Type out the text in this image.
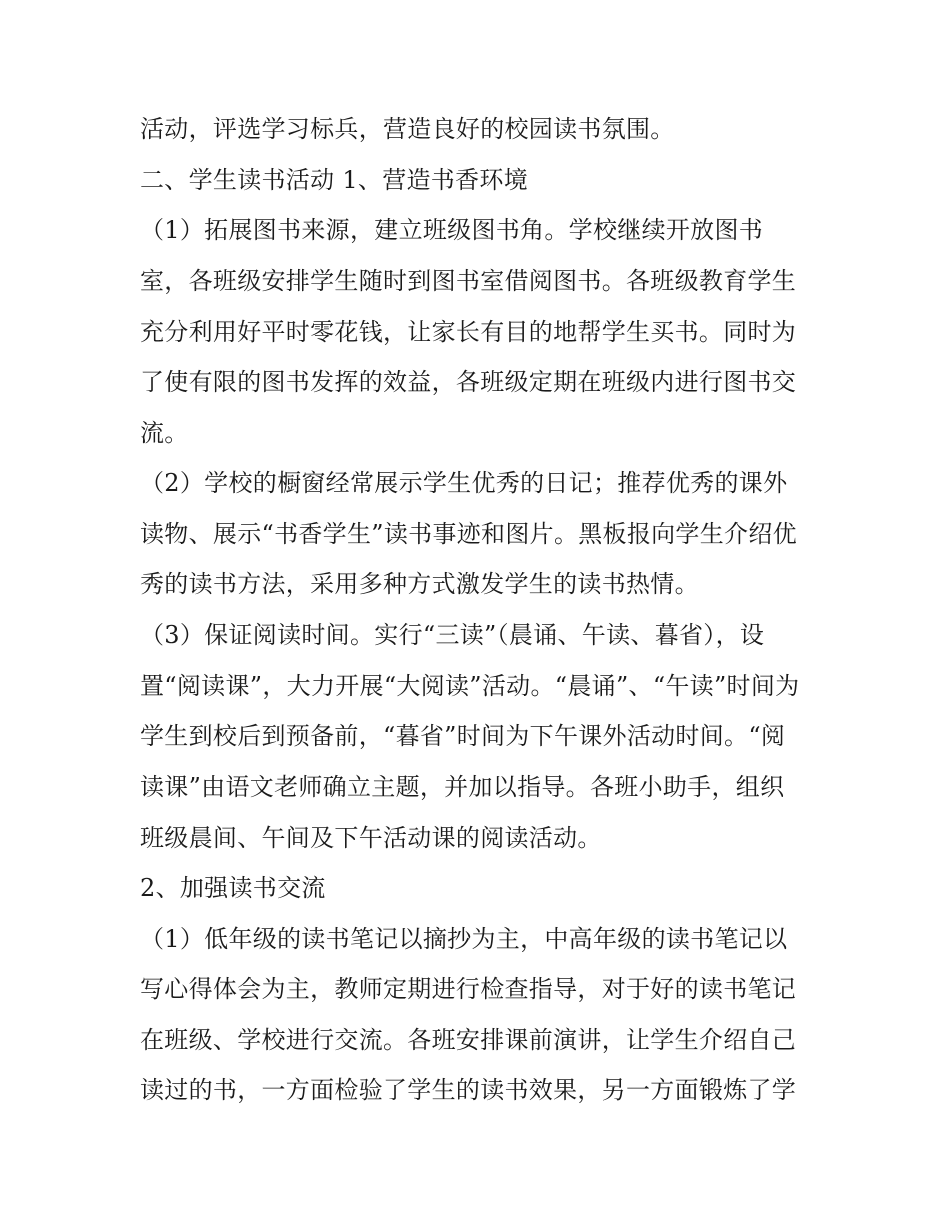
活动，评选学习标兵，营造良好的校园读书氛围。
二、学生读书活动 1、营造书香环境
（1）拓展图书来源，建立班级图书角。学校继续开放图书
室，各班级安排学生随时到图书室借阅图书。各班级教育学生
充分利用好平时零花钱，让家长有目的地帮学生买书。同时为
了使有限的图书发挥的效益，各班级定期在班级内进行图书交
流。
（2）学校的橱窗经常展示学生优秀的日记；推荐优秀的课外
读物、展示“书香学生”读书事迹和图片。黑板报向学生介绍优
秀的读书方法，采用多种方式激发学生的读书热情。
（3）保证阅读时间。实行“三读”（晨诵、午读、暮省），设
置“阅读课”，大力开展“大阅读”活动。“晨诵”、“午读”时间为
学生到校后到预备前，“暮省”时间为下午课外活动时间。“阅
读课”由语文老师确立主题，并加以指导。各班小助手，组织
班级晨间、午间及下午活动课的阅读活动。
2、加强读书交流
（1）低年级的读书笔记以摘抄为主，中高年级的读书笔记以
写心得体会为主，教师定期进行检查指导，对于好的读书笔记
在班级、学校进行交流。各班安排课前演讲，让学生介绍自己
读过的书，一方面检验了学生的读书效果，另一方面锻炼了学
